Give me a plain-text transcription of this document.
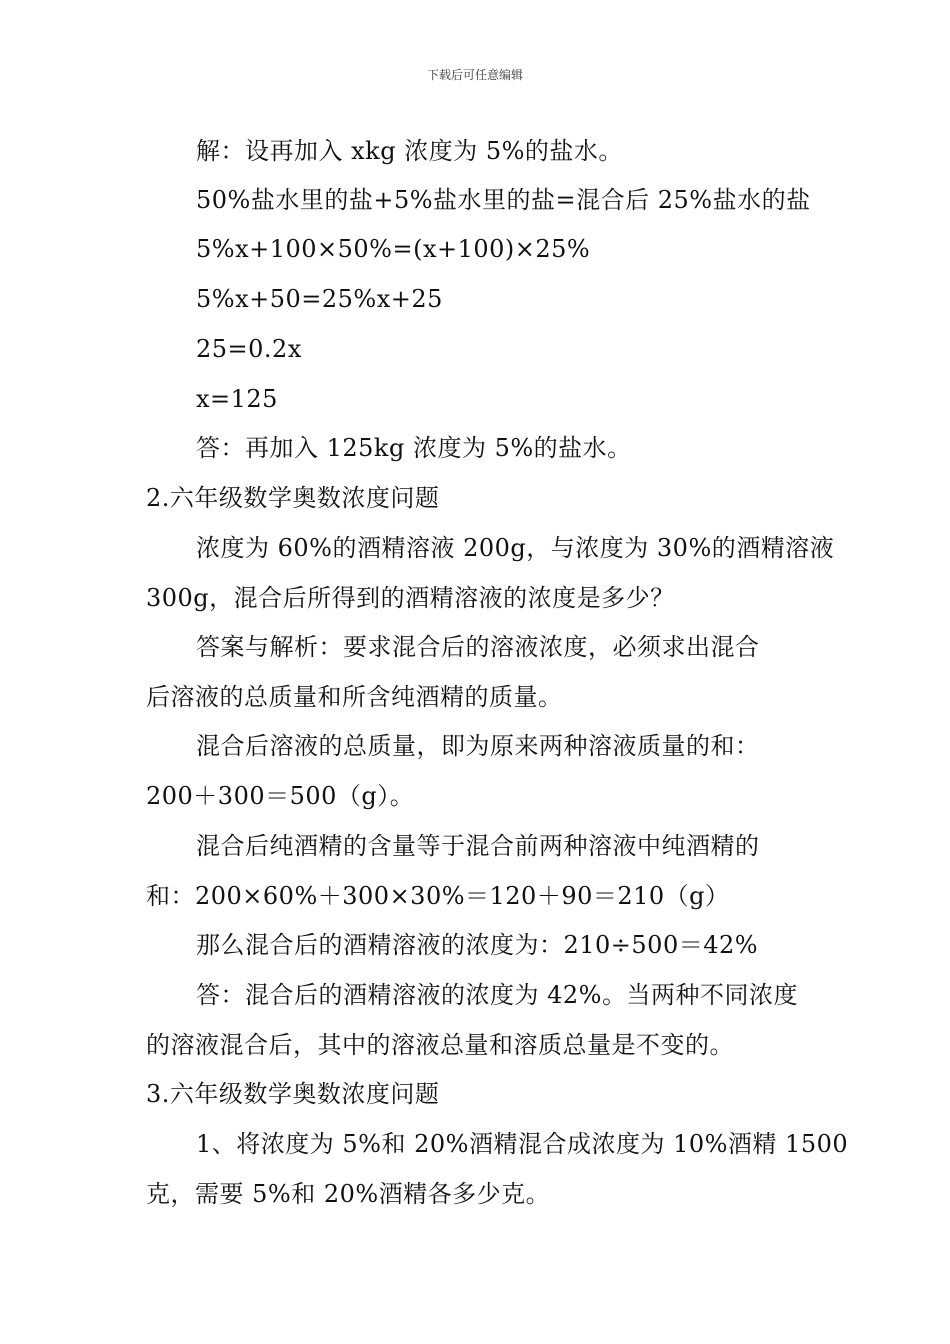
下载后可任意编辑
解：设再加入 xkg 浓度为 5%的盐水。
50%盐水里的盐+5%盐水里的盐=混合后 25%盐水的盐
5%x+100×50%=(x+100)×25%
5%x+50=25%x+25
25=0.2x
x=125
答：再加入 125kg 浓度为 5%的盐水。
2.六年级数学奥数浓度问题
浓度为 60%的酒精溶液 200g，与浓度为 30%的酒精溶液
300g，混合后所得到的酒精溶液的浓度是多少？
答案与解析：要求混合后的溶液浓度，必须求出混合
后溶液的总质量和所含纯酒精的质量。
混合后溶液的总质量，即为原来两种溶液质量的和：
200＋300＝500（g）。
混合后纯酒精的含量等于混合前两种溶液中纯酒精的
和：200×60%＋300×30%＝120＋90＝210（g）
那么混合后的酒精溶液的浓度为：210÷500＝42%
答：混合后的酒精溶液的浓度为 42%。当两种不同浓度
的溶液混合后，其中的溶液总量和溶质总量是不变的。
3.六年级数学奥数浓度问题
1、将浓度为 5%和 20%酒精混合成浓度为 10%酒精 1500
克，需要 5%和 20%酒精各多少克。
